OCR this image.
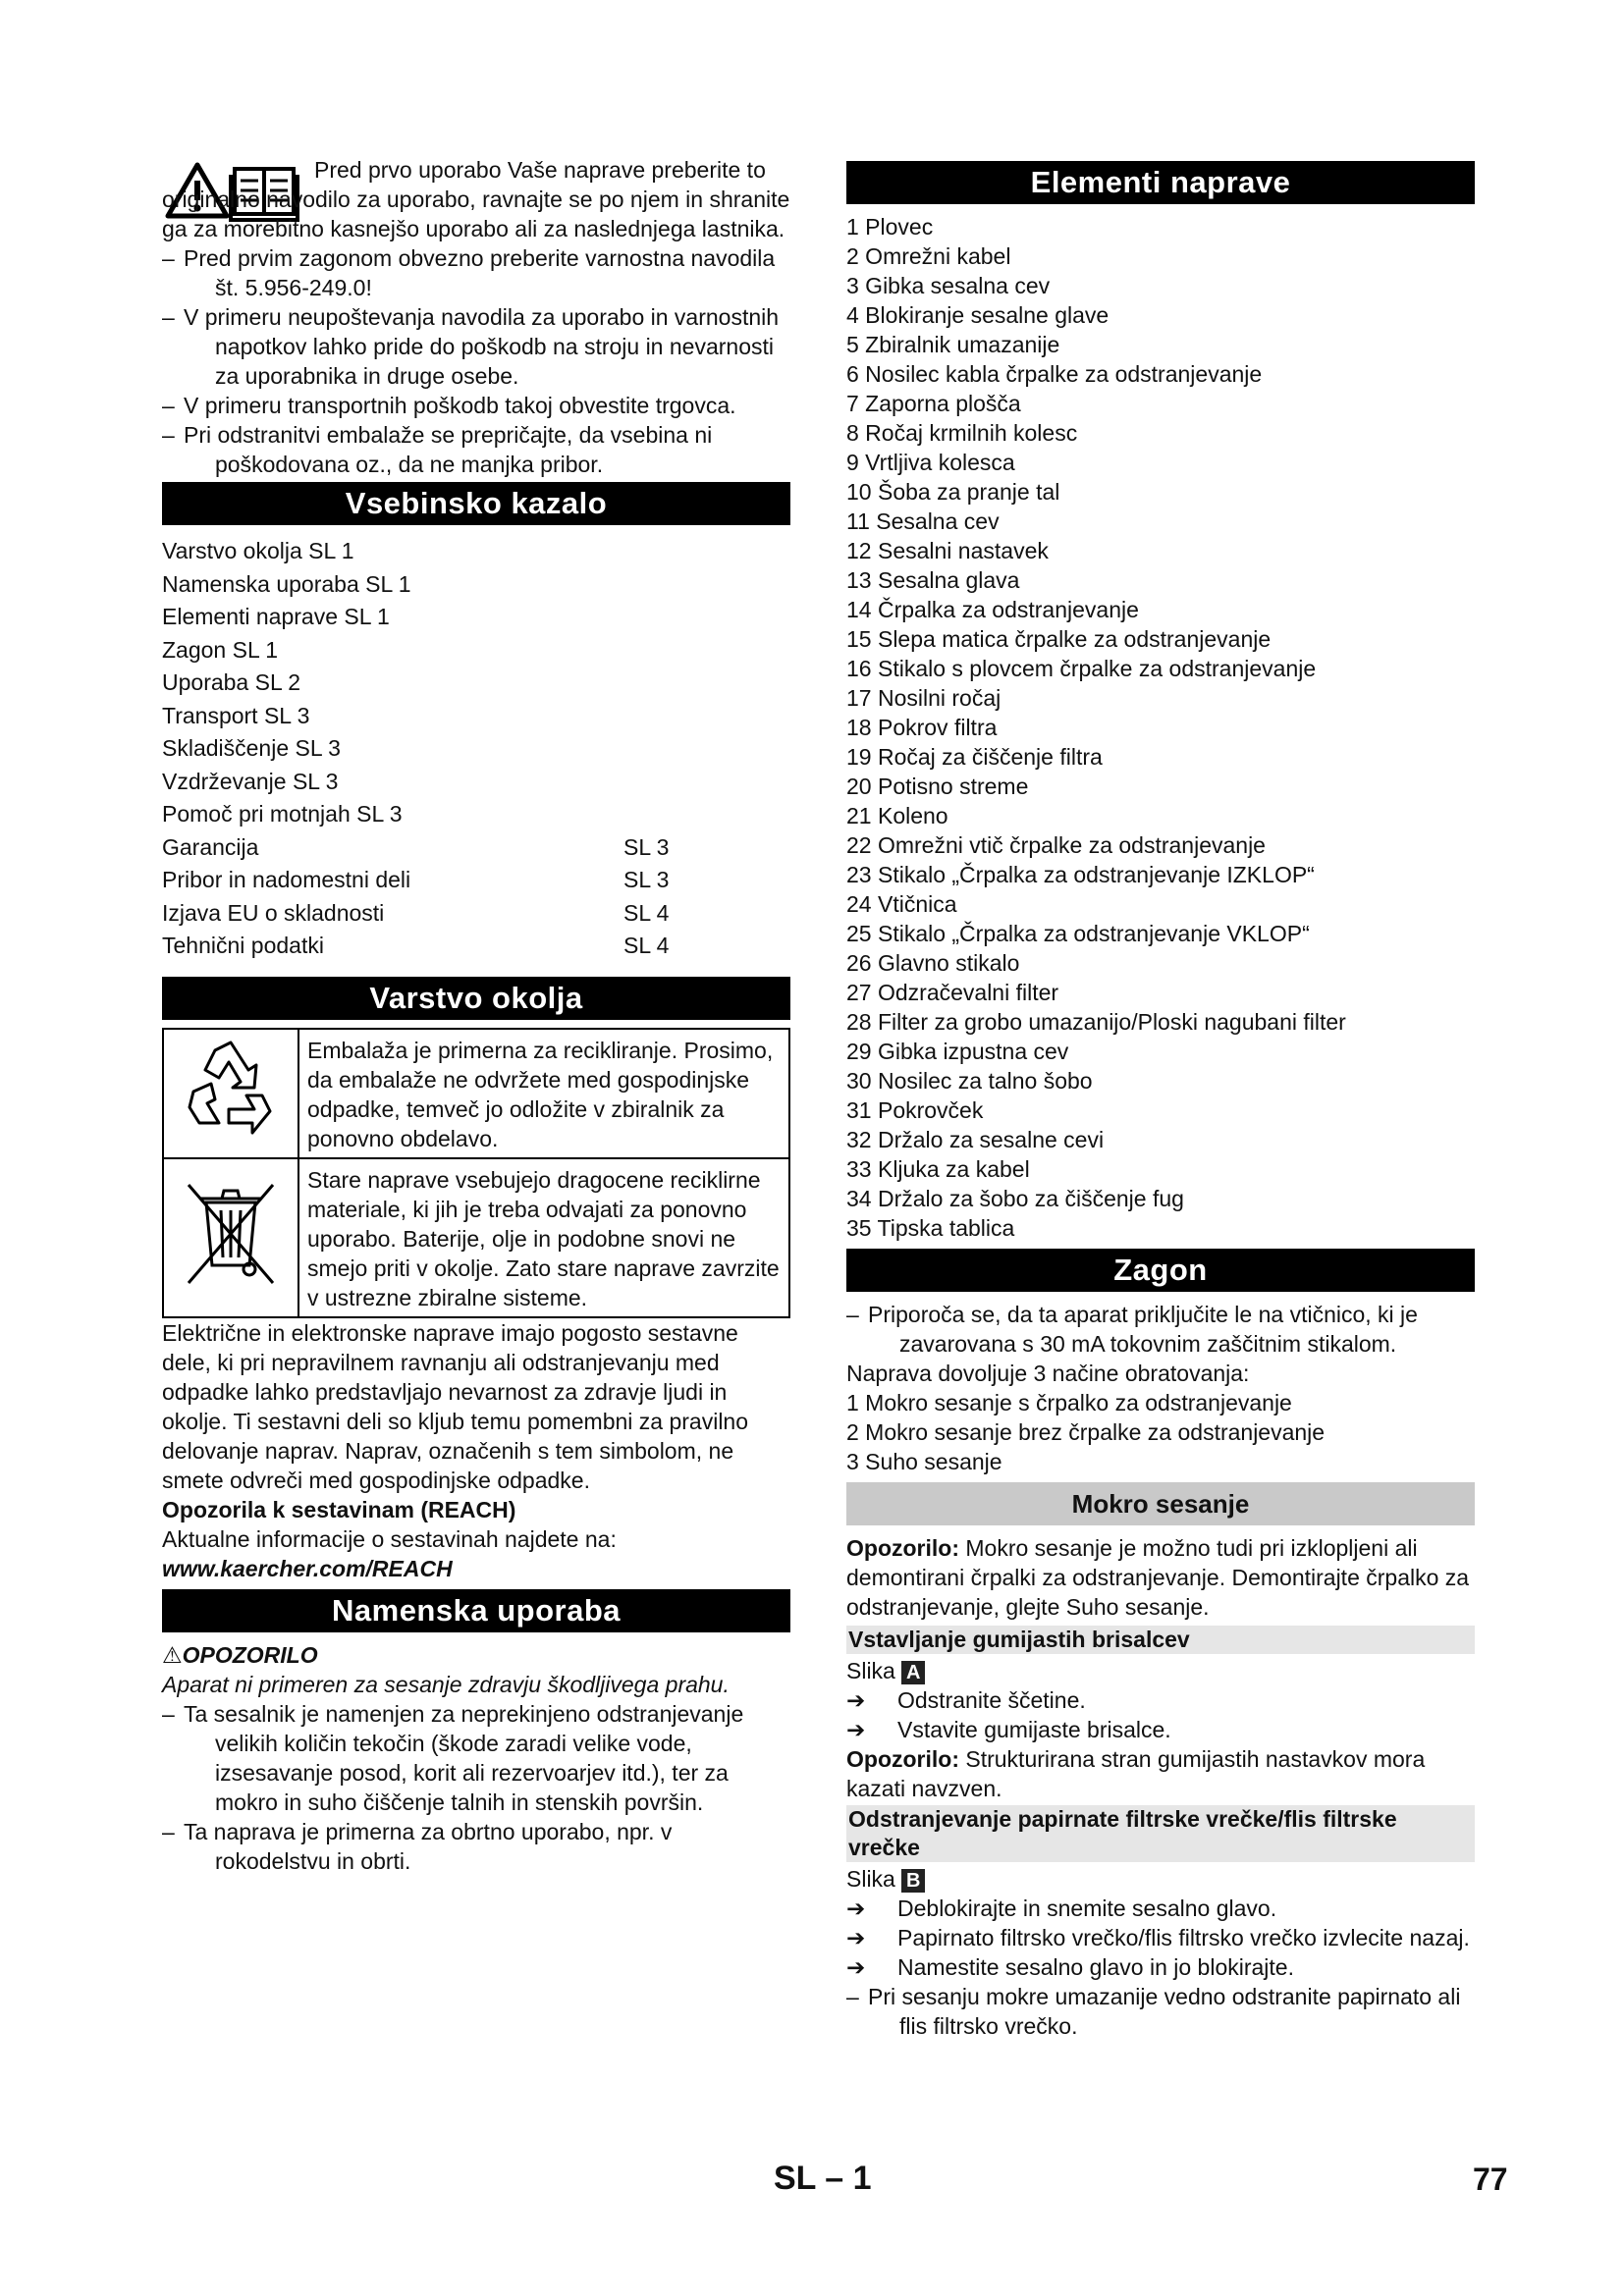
Pred prvo uporabo Vaše naprave preberite to originalno navodilo za uporabo, ravnajte se po njem in shranite ga za morebitno kasnejšo uporabo ali za naslednjega lastnika.

– Pred prvim zagonom obvezno preberite varnostna navodila št. 5.956-249.0!

– V primeru neupoštevanja navodila za uporabo in varnostnih napotkov lahko pride do poškodb na stroju in nevarnosti za uporabnika in druge osebe.

– V primeru transportnih poškodb takoj obvestite trgovca.

– Pri odstranitvi embalaže se prepričajte, da vsebina ni poškodovana oz., da ne manjka pribor.

Vsebinsko kazalo
Varstvo okolja SL 1
Namenska uporaba SL 1
Elementi naprave SL 1
Zagon SL 1
Uporaba SL 2
Transport SL 3
Skladiščenje SL 3
Vzdrževanje SL 3
Pomoč pri motnjah SL 3
Garancija	SL 3
Pribor in nadomestni deli	SL 3
Izjava EU o skladnosti	SL 4
Tehnični podatki	SL 4
Varstvo okolja
	Embalaža je primerna za recikliranje. Prosimo, da embalaže ne odvržete med gospodinjske odpadke, temveč jo odložite v zbiralnik za ponovno obdelavo.
	Stare naprave vsebujejo dragocene reciklirne materiale, ki jih je treba odvajati za ponovno uporabo. Baterije, olje in podobne snovi ne smejo priti v okolje. Zato stare naprave zavrzite v ustrezne zbiralne sisteme.

Električne in elektronske naprave imajo pogosto sestavne dele, ki pri nepravilnem ravnanju ali odstranjevanju med odpadke lahko predstavljajo nevarnost za zdravje ljudi in okolje. Ti sestavni deli so kljub temu pomembni za pravilno delovanje naprav. Naprav, označenih s tem simbolom, ne smete odvreči med gospodinjske odpadke.

Opozorila k sestavinam (REACH)

Aktualne informacije o sestavinah najdete na:

www.kaercher.com/REACH

Namenska uporaba

⚠OPOZORILO

Aparat ni primeren za sesanje zdravju škodljivega prahu.

– Ta sesalnik je namenjen za neprekinjeno odstranjevanje velikih količin tekočin (škode zaradi velike vode, izsesavanje posod, korit ali rezervoarjev itd.), ter za mokro in suho čiščenje talnih in stenskih površin.

– Ta naprava je primerna za obrtno uporabo, npr. v rokodelstvu in obrti.

Elementi naprave

1 Plovec

2 Omrežni kabel

3 Gibka sesalna cev

4 Blokiranje sesalne glave

5 Zbiralnik umazanije

6 Nosilec kabla črpalke za odstranjevanje

7 Zaporna plošča

8 Ročaj krmilnih kolesc

9 Vrtljiva kolesca

10 Šoba za pranje tal

11 Sesalna cev

12 Sesalni nastavek

13 Sesalna glava

14 Črpalka za odstranjevanje

15 Slepa matica črpalke za odstranjevanje

16 Stikalo s plovcem črpalke za odstranjevanje

17 Nosilni ročaj

18 Pokrov filtra

19 Ročaj za čiščenje filtra

20 Potisno streme

21 Koleno

22 Omrežni vtič črpalke za odstranjevanje

23 Stikalo „Črpalka za odstranjevanje IZKLOP“

24 Vtičnica

25 Stikalo „Črpalka za odstranjevanje VKLOP“

26 Glavno stikalo

27 Odzračevalni filter

28 Filter za grobo umazanijo/Ploski nagubani filter

29 Gibka izpustna cev

30 Nosilec za talno šobo

31 Pokrovček

32 Držalo za sesalne cevi

33 Kljuka za kabel

34 Držalo za šobo za čiščenje fug

35 Tipska tablica

Zagon

– Priporoča se, da ta aparat priključite le na vtičnico, ki je zavarovana s 30 mA tokovnim zaščitnim stikalom.

Naprava dovoljuje 3 načine obratovanja:

1 Mokro sesanje s črpalko za odstranjevanje

2 Mokro sesanje brez črpalke za odstranjevanje

3 Suho sesanje

Mokro sesanje

Opozorilo: Mokro sesanje je možno tudi pri izklopljeni ali demontirani črpalki za odstranjevanje. Demontirajte črpalko za odstranjevanje, glejte Suho sesanje.

Vstavljanje gumijastih brisalcev

Slika A

➔ Odstranite ščetine.

➔ Vstavite gumijaste brisalce.

Opozorilo: Strukturirana stran gumijastih nastavkov mora kazati navzven.

Odstranjevanje papirnate filtrske vrečke/flis filtrske vrečke

Slika B

➔ Deblokirajte in snemite sesalno glavo.

➔ Papirnato filtrsko vrečko/flis filtrsko vrečko izvlecite nazaj.

➔ Namestite sesalno glavo in jo blokirajte.

– Pri sesanju mokre umazanije vedno odstranite papirnato ali flis filtrsko vrečko.

SL – 1	77
